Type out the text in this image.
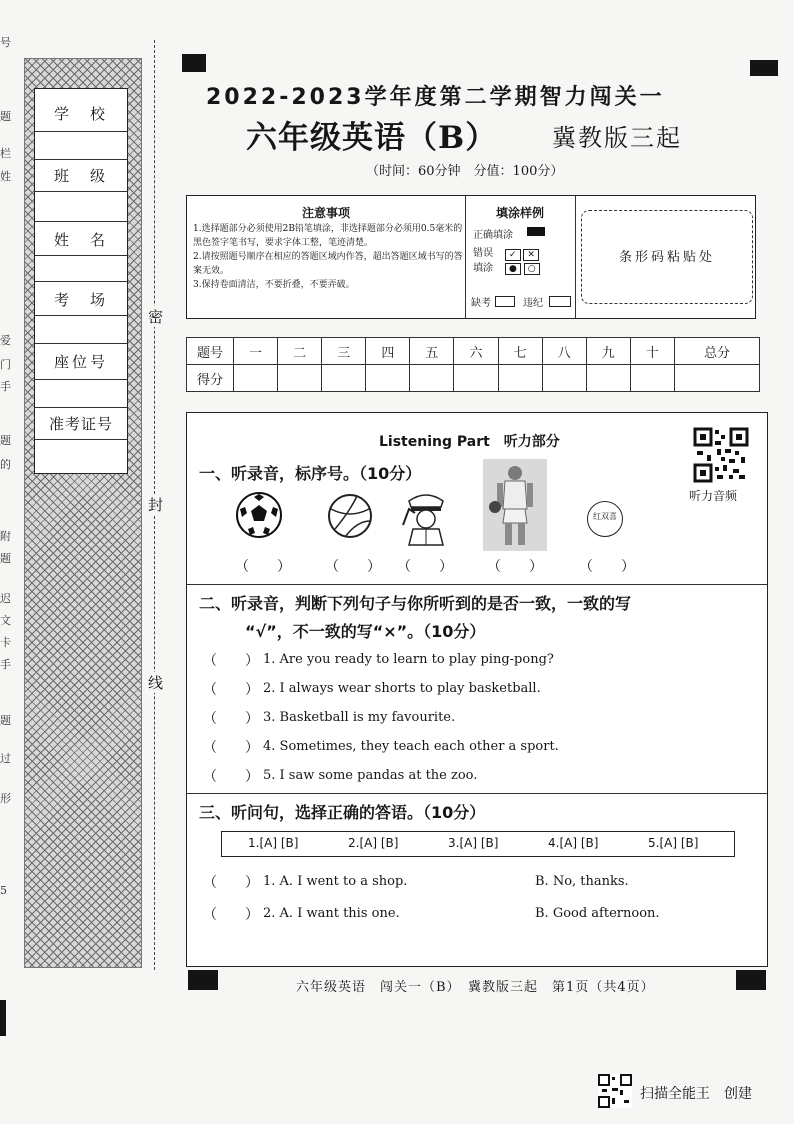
号
题
栏
姓
爱
门
手
题
的
附
题
迟
文
卡
手
题
过
形
5
学　校
班　级
姓　名
考　场
座位号
准考证号
密
封
线
2022-2023学年度第二学期智力闯关一
六年级英语（B） 冀教版三起
（时间：60分钟　分值：100分）
注意事项
1.选择题部分必须使用2B铅笔填涂，非选择题部分必须用0.5毫米的黑色签字笔书写，要求字体工整，笔迹清楚。
2.请按照题号顺序在相应的答题区域内作答，超出答题区域书写的答案无效。
3.保持卷面清洁，不要折叠，不要弄破。
填涂样例
正确填涂
错误填涂
✓ ✕
● ○
缺考	违纪
条形码粘贴处
题号	一	二	三	四	五	六	七	八	九	十	总分
得分											
Listening Part　听力部分
听力音频
一、听录音，标序号。（10分）
红双喜
（　　） （　　） （　　） （　　）	（　　）
二、听录音，判断下列句子与你所听到的是否一致，一致的写
“√”，不一致的写“×”。（10分）
（　　） 1. Are you ready to learn to play ping-pong?
（　　） 2. I always wear shorts to play basketball.
（　　） 3. Basketball is my favourite.
（　　） 4. Sometimes, they teach each other a sport.
（　　） 5. I saw some pandas at the zoo.
三、听问句，选择正确的答语。（10分）
1.[A] [B]	2.[A] [B]	3.[A] [B]	4.[A] [B]	5.[A] [B]
（　　） 1. A. I went to a shop.	B. No, thanks.
（　　） 2. A. I want this one.	B. Good afternoon.
六年级英语　闯关一（B）　冀教版三起　第1页（共4页）
扫描全能王　创建
